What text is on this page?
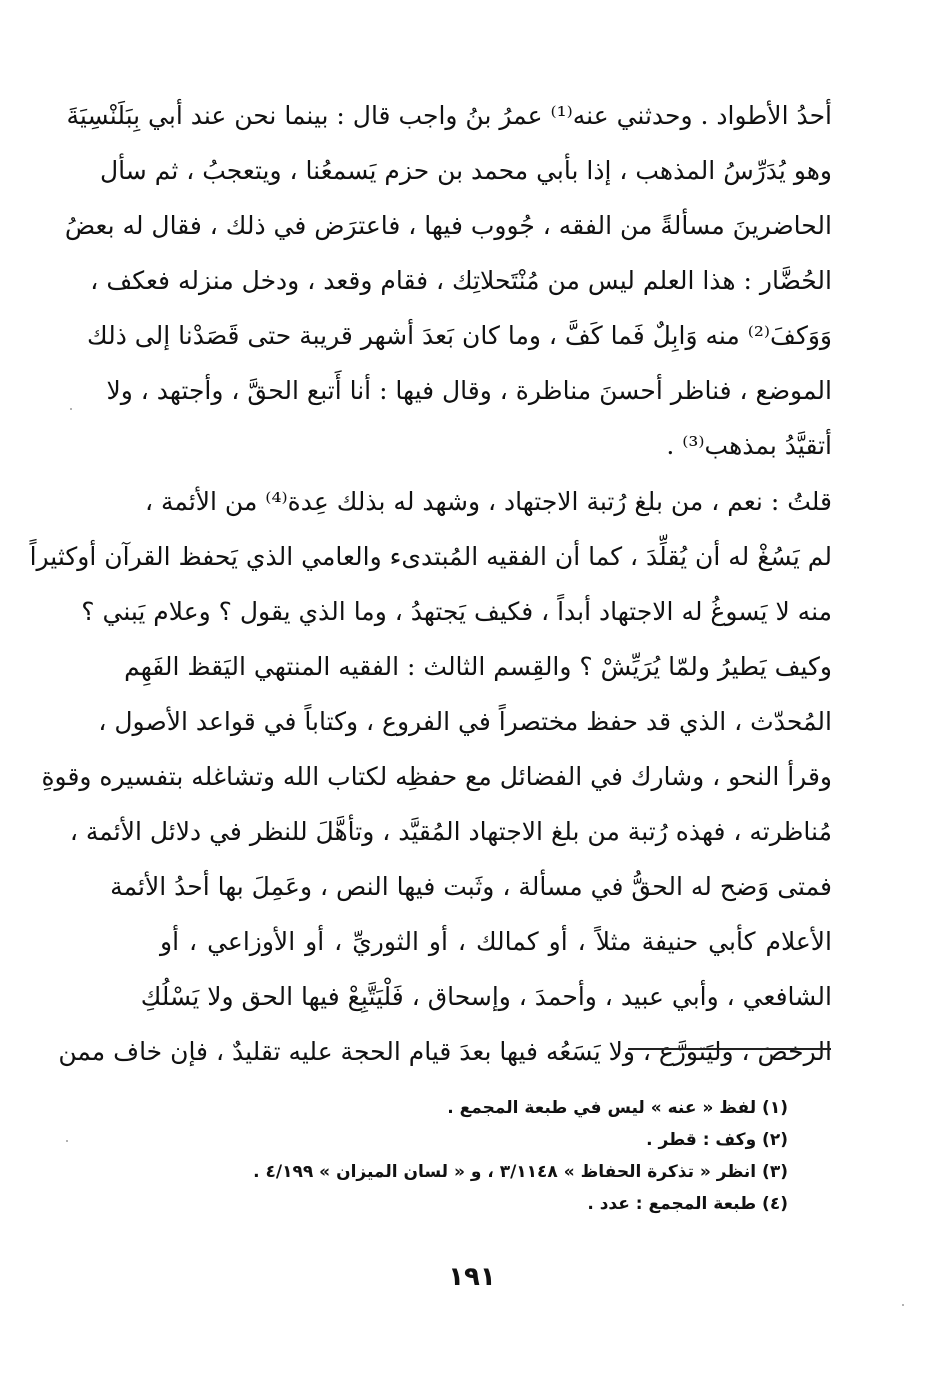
أحدُ الأطواد . وحدثني عنه⁽¹⁾ عمرُ بنُ واجب قال : بينما نحن عند أبي بِبَلَنْسِيَةَ
وهو يُدَرِّسُ المذهب ، إذا بأبي محمد بن حزم يَسمعُنا ، ويتعجبُ ، ثم سأل
الحاضرينَ مسألةً من الفقه ، جُووب فيها ، فاعترَض في ذلك ، فقال له بعضُ
الحُضَّار : هذا العلم ليس من مُنْتَحلاتِك ، فقام وقعد ، ودخل منزله فعكف ،
وَوَكفَ⁽²⁾ منه وَابِلٌ فَما كَفَّ ، وما كان بَعدَ أشهر قريبة حتى قَصَدْنا إلى ذلك
الموضع ، فناظر أحسنَ مناظرة ، وقال فيها : أنا أَتبع الحقَّ ، وأجتهد ، ولا
أتقيَّدُ بمذهب⁽³⁾ .
قلتُ : نعم ، من بلغ رُتبة الاجتهاد ، وشهد له بذلك عِدة⁽⁴⁾ من الأئمة ،
لم يَسُغْ له أن يُقلِّدَ ، كما أن الفقيه المُبتدىء والعامي الذي يَحفظ القرآن أوكثيراً
منه لا يَسوغُ له الاجتهاد أبداً ، فكيف يَجتهدُ ، وما الذي يقول ؟ وعلام يَبني ؟
وكيف يَطيرُ ولمّا يُرَيِّشْ ؟ والقِسم الثالث : الفقيه المنتهي اليَقظ الفَهِم
المُحدّث ، الذي قد حفظ مختصراً في الفروع ، وكتاباً في قواعد الأصول ،
وقرأ النحو ، وشارك في الفضائل مع حفظِه لكتاب الله وتشاغله بتفسيره وقوةِ
مُناظرته ، فهذه رُتبة من بلغ الاجتهاد المُقيَّد ، وتأهَّلَ للنظر في دلائل الأئمة ،
فمتى وَضح له الحقُّ في مسألة ، وثَبت فيها النص ، وعَمِلَ بها أحدُ الأئمة
الأعلام كأبي حنيفة مثلاً ، أو كمالك ، أو الثوريِّ ، أو الأوزاعي ، أو
الشافعي ، وأبي عبيد ، وأحمدَ ، وإسحاق ، فَلْيَتَّبِعْ فيها الحق ولا يَسْلُكِ
الرخصَ ، وليَتورَّع ، ولا يَسَعُه فيها بعدَ قيام الحجة عليه تقليدٌ ، فإن خاف ممن
(١) لفظ « عنه » ليس في طبعة المجمع .
(٢) وكف : قطر .
(٣) انظر « تذكرة الحفاظ » ٣/١١٤٨ ، و « لسان الميزان » ٤/١٩٩ .
(٤) طبعة المجمع : عدد .
١٩١
